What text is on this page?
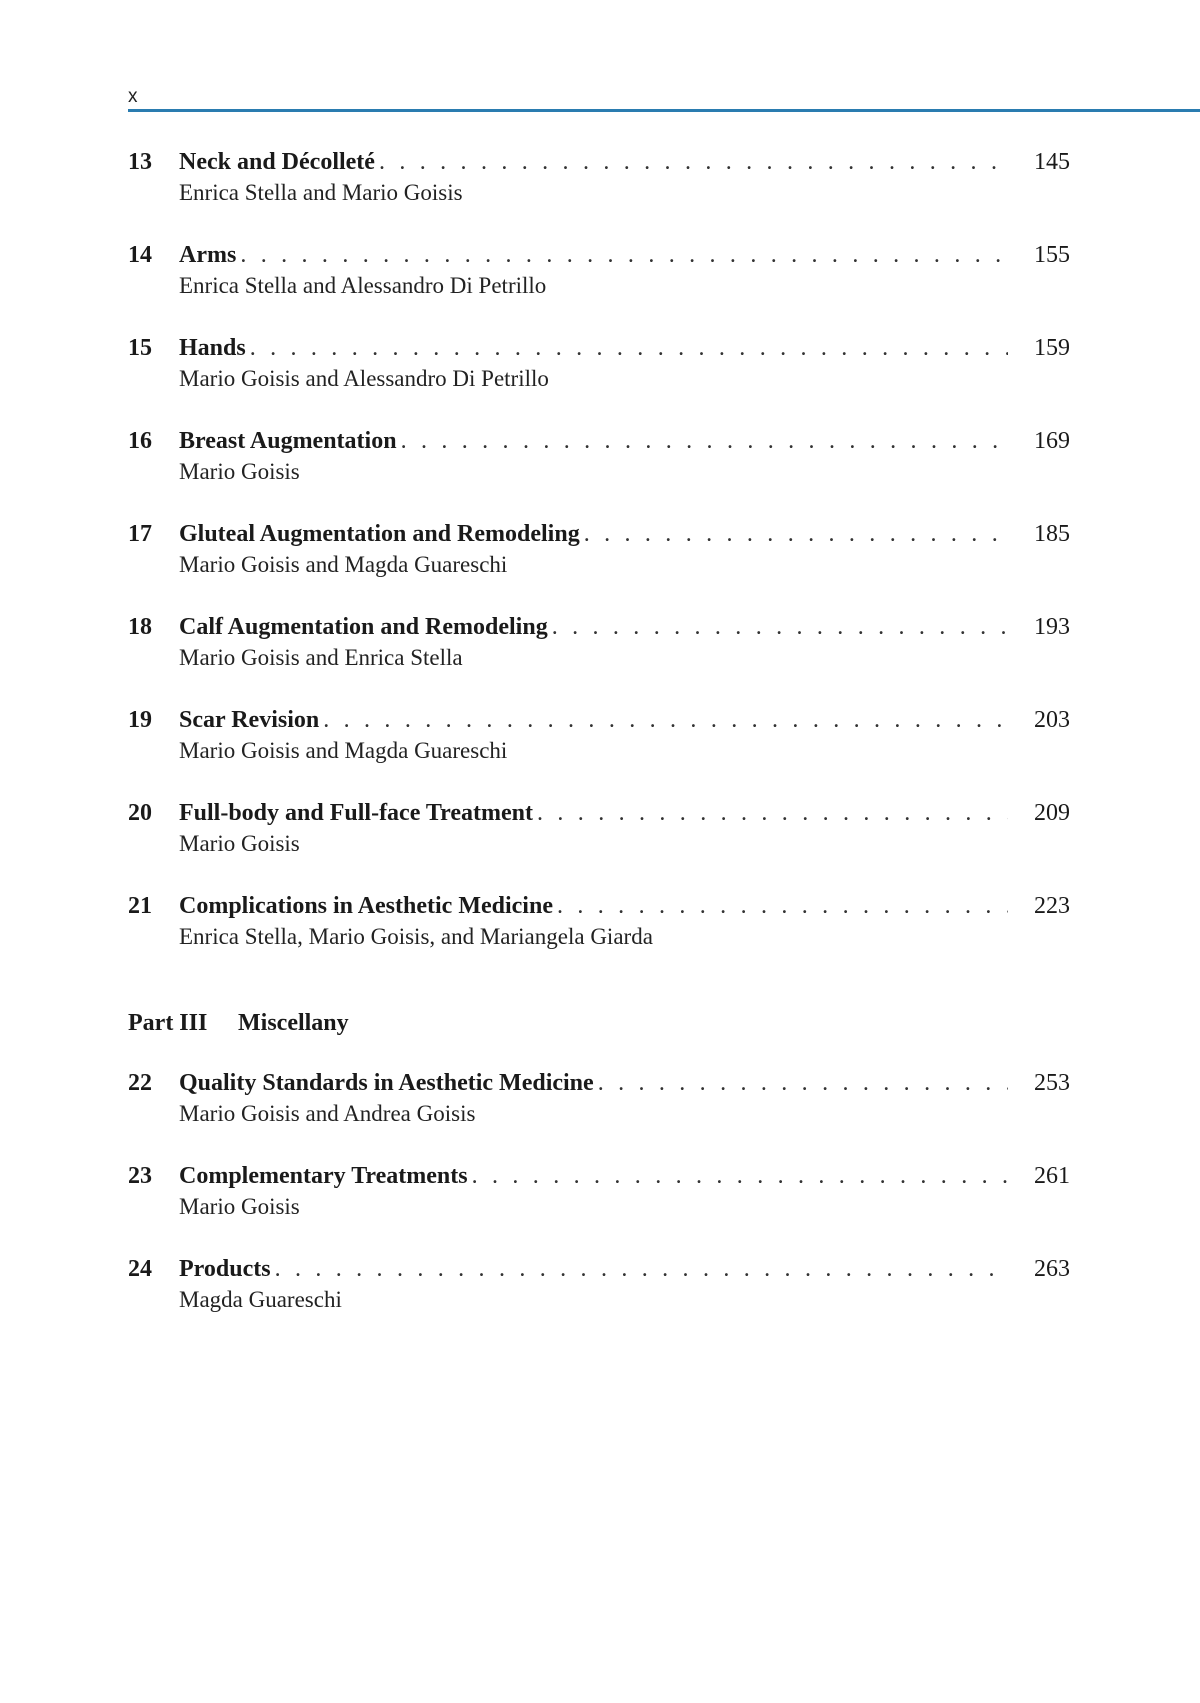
x
13	Neck and Décolleté . . .	145
Enrica Stella and Mario Goisis
14	Arms . . .	155
Enrica Stella and Alessandro Di Petrillo
15	Hands . . .	159
Mario Goisis and Alessandro Di Petrillo
16	Breast Augmentation . . .	169
Mario Goisis
17	Gluteal Augmentation and Remodeling . . .	185
Mario Goisis and Magda Guareschi
18	Calf Augmentation and Remodeling . . .	193
Mario Goisis and Enrica Stella
19	Scar Revision . . .	203
Mario Goisis and Magda Guareschi
20	Full-body and Full-face Treatment . . .	209
Mario Goisis
21	Complications in Aesthetic Medicine . . .	223
Enrica Stella, Mario Goisis, and Mariangela Giarda
Part III Miscellany
22	Quality Standards in Aesthetic Medicine . . .	253
Mario Goisis and Andrea Goisis
23	Complementary Treatments . . .	261
Mario Goisis
24	Products . . .	263
Magda Guareschi
